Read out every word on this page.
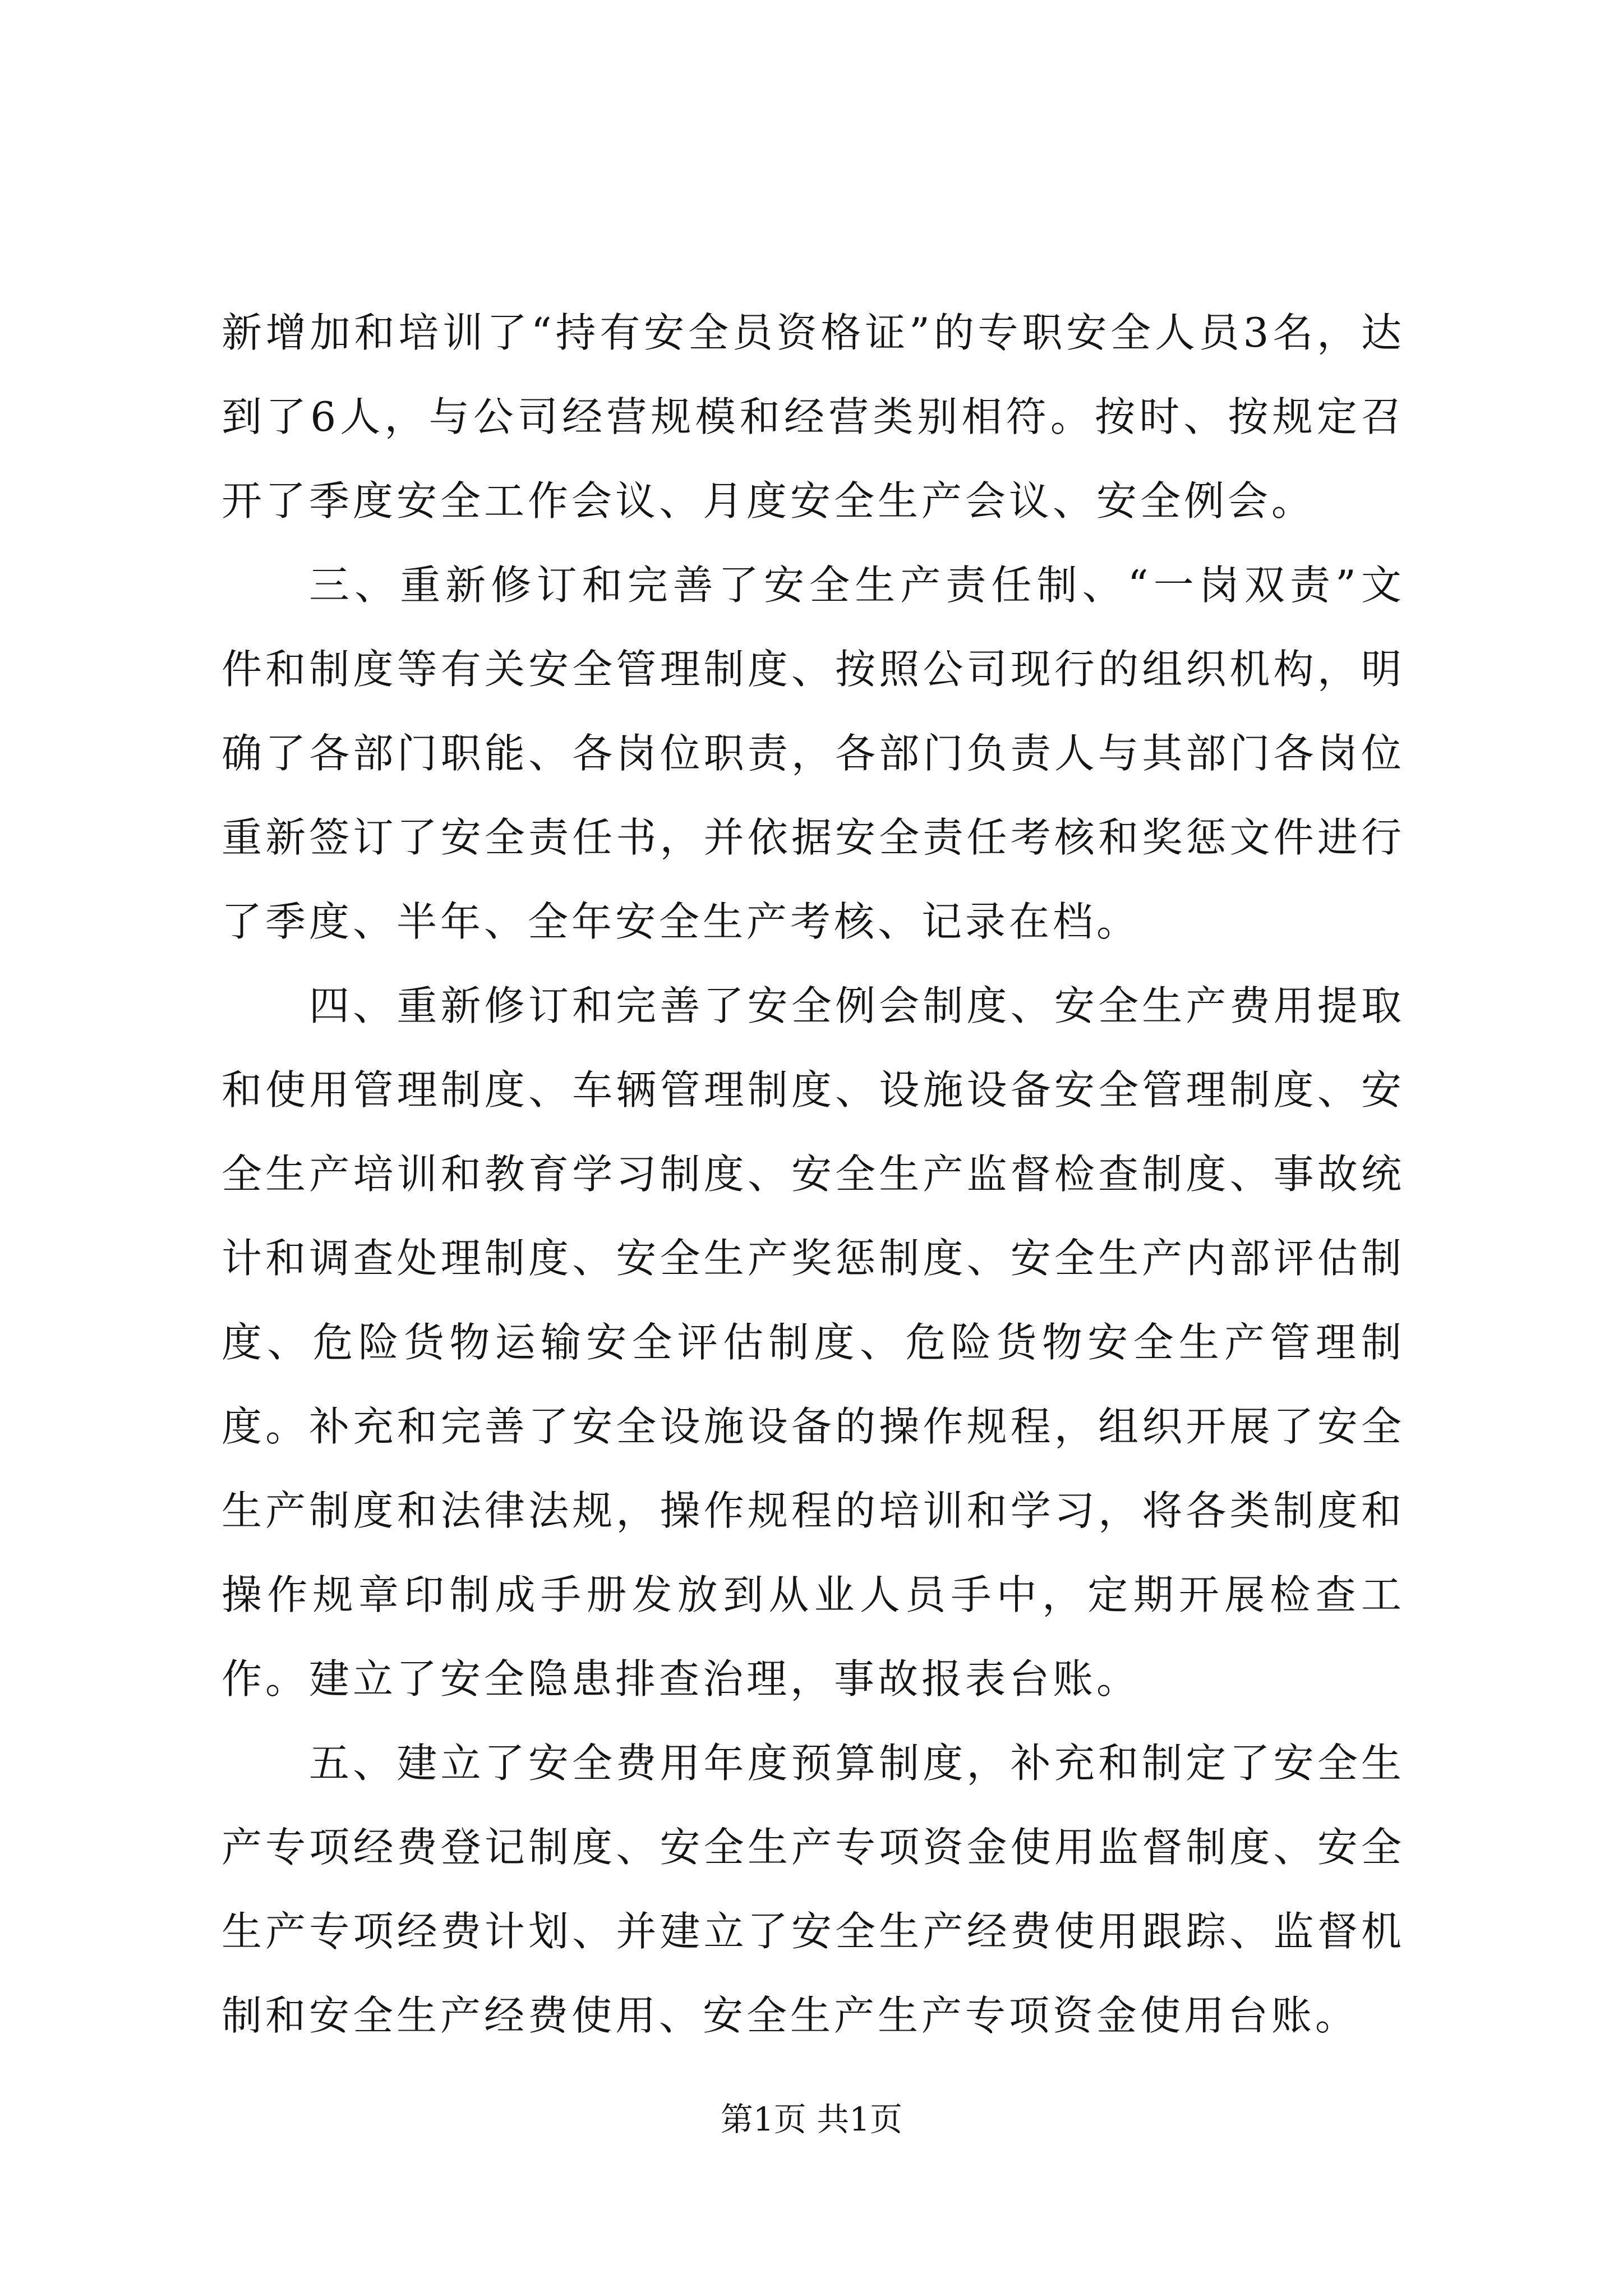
新增加和培训了“持有安全员资格证”的专职安全人员3名，达到了6人，与公司经营规模和经营类别相符。按时、按规定召开了季度安全工作会议、月度安全生产会议、安全例会。

三、重新修订和完善了安全生产责任制、“一岗双责”文件和制度等有关安全管理制度、按照公司现行的组织机构，明确了各部门职能、各岗位职责，各部门负责人与其部门各岗位重新签订了安全责任书，并依据安全责任考核和奖惩文件进行了季度、半年、全年安全生产考核、记录在档。

四、重新修订和完善了安全例会制度、安全生产费用提取和使用管理制度、车辆管理制度、设施设备安全管理制度、安全生产培训和教育学习制度、安全生产监督检查制度、事故统计和调查处理制度、安全生产奖惩制度、安全生产内部评估制度、危险货物运输安全评估制度、危险货物安全生产管理制度。补充和完善了安全设施设备的操作规程，组织开展了安全生产制度和法律法规，操作规程的培训和学习，将各类制度和操作规章印制成手册发放到从业人员手中，定期开展检查工作。建立了安全隐患排查治理，事故报表台账。

五、建立了安全费用年度预算制度，补充和制定了安全生产专项经费登记制度、安全生产专项资金使用监督制度、安全生产专项经费计划、并建立了安全生产经费使用跟踪、监督机制和安全生产经费使用、安全生产生产专项资金使用台账。

第1页 共1页
